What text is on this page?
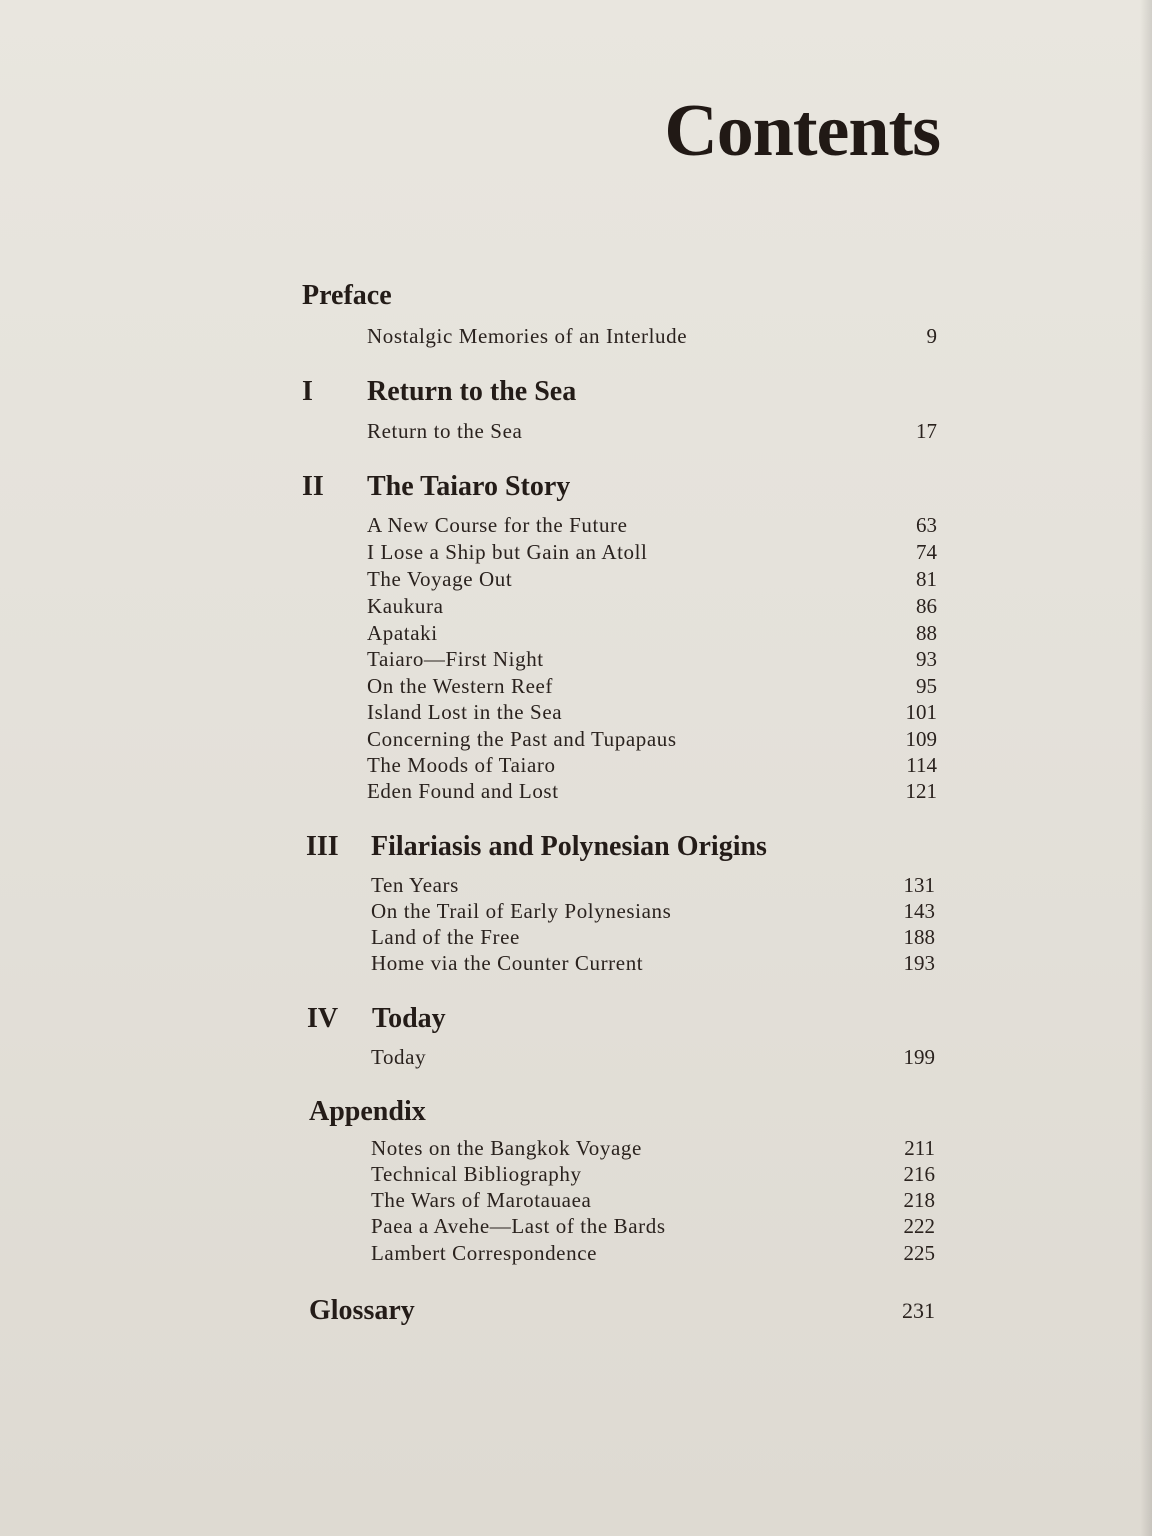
Contents
Preface
Nostalgic Memories of an Interlude	9
I Return to the Sea
Return to the Sea	17
II The Taiaro Story
A New Course for the Future	63
I Lose a Ship but Gain an Atoll	74
The Voyage Out	81
Kaukura	86
Apataki	88
Taiaro—First Night	93
On the Western Reef	95
Island Lost in the Sea	101
Concerning the Past and Tupapaus	109
The Moods of Taiaro	114
Eden Found and Lost	121
III Filariasis and Polynesian Origins
Ten Years	131
On the Trail of Early Polynesians	143
Land of the Free	188
Home via the Counter Current	193
IV Today
Today	199
Appendix
Notes on the Bangkok Voyage	211
Technical Bibliography	216
The Wars of Marotauaea	218
Paea a Avehe—Last of the Bards	222
Lambert Correspondence	225
Glossary	231
